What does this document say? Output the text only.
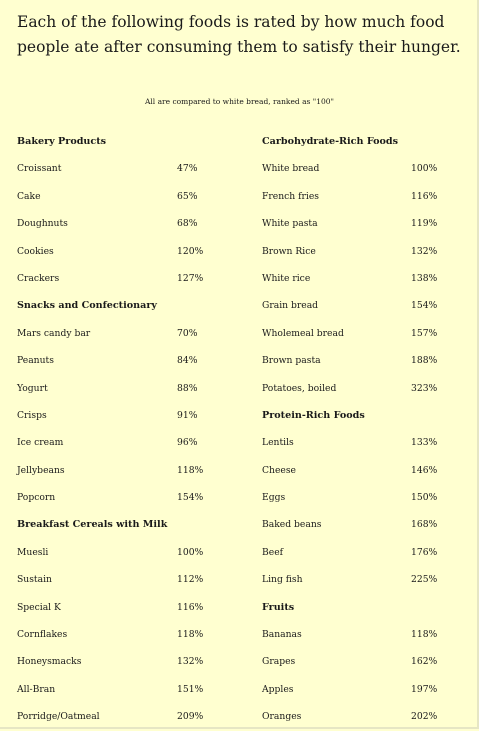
Each of the following foods is rated by how much food people ate after consuming them to satisfy their hunger.

All are compared to white bread, ranked as "100"

Bakery Products
Croissant	47%
Cake	65%
Doughnuts	68%
Cookies	120%
Crackers	127%
Snacks and Confectionary
Mars candy bar	70%
Peanuts	84%
Yogurt	88%
Crisps	91%
Ice cream	96%
Jellybeans	118%
Popcorn	154%
Breakfast Cereals with Milk
Muesli	100%
Sustain	112%
Special K	116%
Cornflakes	118%
Honeysmacks	132%
All-Bran	151%
Porridge/Oatmeal	209%
Carbohydrate-Rich Foods
White bread	100%
French fries	116%
White pasta	119%
Brown Rice	132%
White rice	138%
Grain bread	154%
Wholemeal bread	157%
Brown pasta	188%
Potatoes, boiled	323%
Protein-Rich Foods
Lentils	133%
Cheese	146%
Eggs	150%
Baked beans	168%
Beef	176%
Ling fish	225%
Fruits
Bananas	118%
Grapes	162%
Apples	197%
Oranges	202%
